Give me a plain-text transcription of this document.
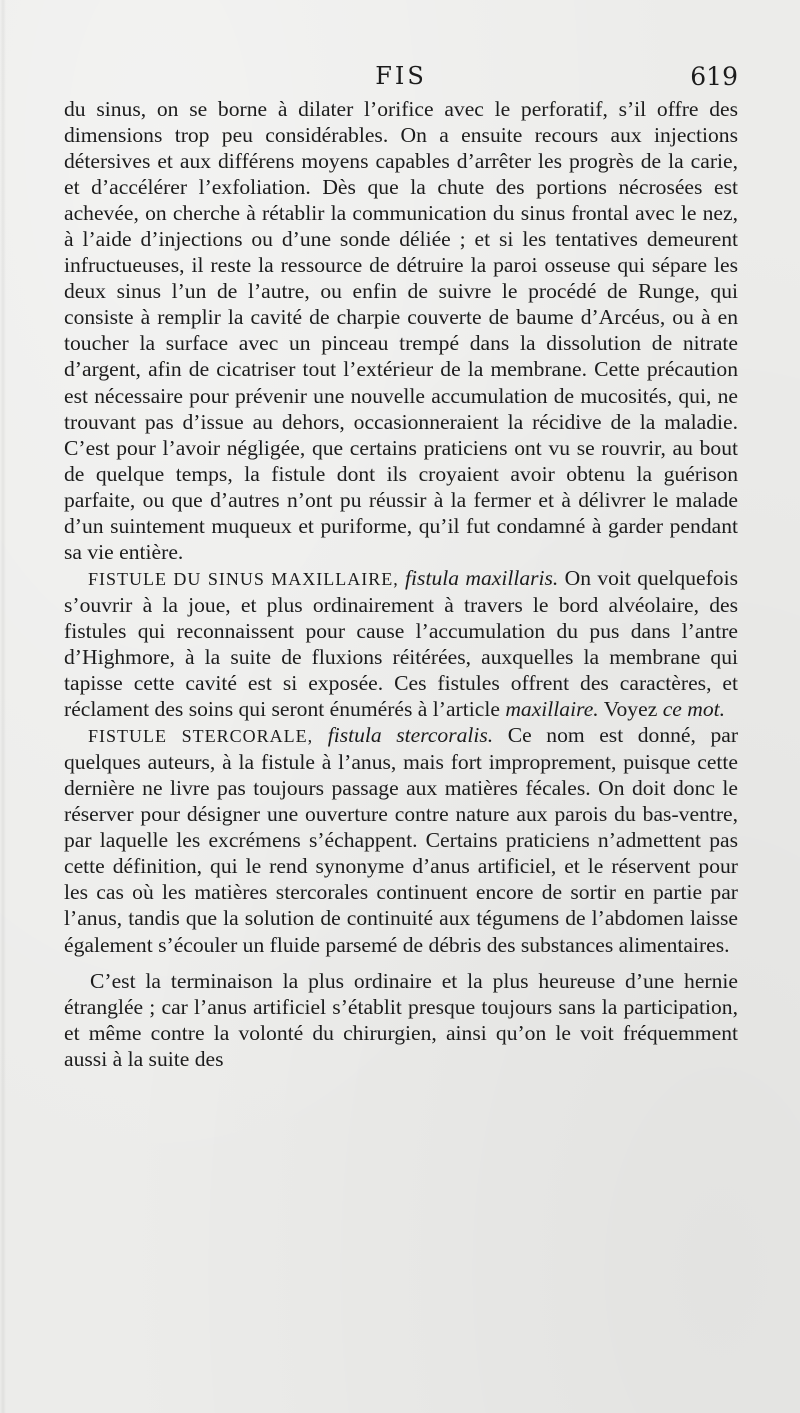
FIS	619

du sinus, on se borne à dilater l’orifice avec le perforatif, s’il offre des dimensions trop peu considérables. On a ensuite recours aux injections détersives et aux différens moyens capables d’arrêter les progrès de la carie, et d’accélérer l’exfoliation. Dès que la chute des portions nécrosées est achevée, on cherche à rétablir la communication du sinus frontal avec le nez, à l’aide d’injections ou d’une sonde déliée ; et si les tentatives demeurent infructueuses, il reste la ressource de détruire la paroi osseuse qui sépare les deux sinus l’un de l’autre, ou enfin de suivre le procédé de Runge, qui consiste à remplir la cavité de charpie couverte de baume d’Arcéus, ou à en toucher la surface avec un pinceau trempé dans la dissolution de nitrate d’argent, afin de cicatriser tout l’extérieur de la membrane. Cette précaution est nécessaire pour prévenir une nouvelle accumulation de mucosités, qui, ne trouvant pas d’issue au dehors, occasionneraient la récidive de la maladie. C’est pour l’avoir négligée, que certains praticiens ont vu se rouvrir, au bout de quelque temps, la fistule dont ils croyaient avoir obtenu la guérison parfaite, ou que d’autres n’ont pu réussir à la fermer et à délivrer le malade d’un suintement muqueux et puriforme, qu’il fut condamné à garder pendant sa vie entière.

FISTULE DU SINUS MAXILLAIRE, fistula maxillaris. On voit quelquefois s’ouvrir à la joue, et plus ordinairement à travers le bord alvéolaire, des fistules qui reconnaissent pour cause l’accumulation du pus dans l’antre d’Highmore, à la suite de fluxions réitérées, auxquelles la membrane qui tapisse cette cavité est si exposée. Ces fistules offrent des caractères, et réclament des soins qui seront énumérés à l’article maxillaire. Voyez ce mot.

FISTULE STERCORALE, fistula stercoralis. Ce nom est donné, par quelques auteurs, à la fistule à l’anus, mais fort improprement, puisque cette dernière ne livre pas toujours passage aux matières fécales. On doit donc le réserver pour désigner une ouverture contre nature aux parois du bas-ventre, par laquelle les excrémens s’échappent. Certains praticiens n’admettent pas cette définition, qui le rend synonyme d’anus artificiel, et le réservent pour les cas où les matières stercorales continuent encore de sortir en partie par l’anus, tandis que la solution de continuité aux tégumens de l’abdomen laisse également s’écouler un fluide parsemé de débris des substances alimentaires.

C’est la terminaison la plus ordinaire et la plus heureuse d’une hernie étranglée ; car l’anus artificiel s’établit presque toujours sans la participation, et même contre la volonté du chirurgien, ainsi qu’on le voit fréquemment aussi à la suite des
